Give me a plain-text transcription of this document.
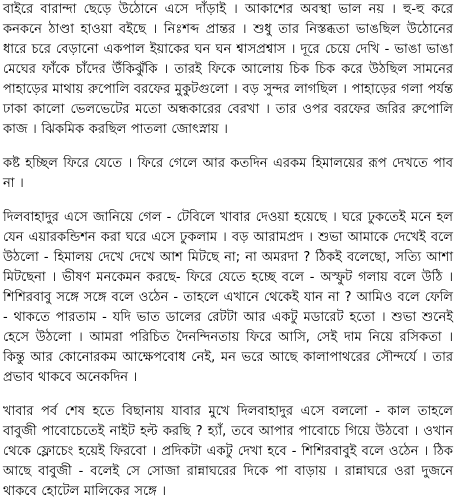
বাইরে বারান্দা ছেড়ে উঠোনে এসে দাঁড়াই । আকাশের অবস্থা ভাল নয় । হু-হু করে কনকনে ঠাণ্ডা হাওয়া বইছে । নিঃশব্দ প্রান্তর । শুধু তার নিস্তব্ধতা ভাঙছিল উঠোনের ধারে চরে বেড়ানো একপাল ইয়াকের ঘন ঘন শ্বাসপ্রশ্বাস । দূরে চেয়ে দেখি - ভাঙা ভাঙা মেঘের ফাঁকে চাঁদের উঁকিঝুঁকি । তারই ফিকে আলোয় চিক চিক করে উঠছিল সামনের পাহাড়ের মাথায় রুপোলি বরফের মুকুটগুলো । বড় সুন্দর লাগছিল । পাহাড়ের গলা পর্যন্ত ঢাকা কালো ভেলভেটের মতো অন্ধকারের বেরখা । তার ওপর বরফের জরির রুপোলি কাজ । ঝিকমিক করছিল পাতলা জোৎস্নায় ।

কষ্ট হচ্ছিল ফিরে যেতে । ফিরে গেলে আর কতদিন এরকম হিমালয়ের রূপ দেখতে পাব না ।

দিলবাহাদুর এসে জানিয়ে গেল - টেবিলে খাবার দেওয়া হয়েছে । ঘরে ঢুকতেই মনে হল যেন এয়ারকন্ডিশন করা ঘরে এসে ঢুকলাম । বড় আরামপ্রদ । শুভা আমাকে দেখেই বলে উঠলো - হিমালয় দেখে দেখে আশ মিটছে না; না অমরদা ? ঠিকই বলেছো, সত্যি আশা মিটছেনা । ভীষণ মনকেমন করছে- ফিরে যেতে হচ্ছে বলে - অস্ফুট গলায় বলে উঠি । শিশিরবাবু সঙ্গে সঙ্গে বলে ওঠেন - তাহলে এখানে থেকেই যান না ? আমিও বলে ফেলি - থাকতে পারতাম - যদি ভাত ডালের রেটটা আর একটু মডারেট হতো । শুভা শুনেই হেসে উঠলো । আমরা পরিচিত দৈনন্দিনতায় ফিরে আসি, সেই দাম নিয়ে রসিকতা । কিন্তু আর কোনোরকম আক্ষেপবোধ নেই, মন ভরে আছে কালাপাথরের সৌন্দর্যে । তার প্রভাব থাকবে অনেকদিন ।

খাবার পর্ব শেষ হতে বিছানায় যাবার মুখে দিলবাহাদুর এসে বললো - কাল তাহলে বাবুজী পাবোচেতেই নাইট হল্ট করছি ? হ্যাঁ, তবে আপার পাবোচে গিয়ে উঠবো । ওখান থেকে ফ্লোচেং হয়েই ফিরবো । প্রদিকটা একটু দেখা হবে - শিশিরবাবুই বলে ওঠেন । ঠিক আছে বাবুজী - বলেই সে সোজা রান্নাঘরের দিকে পা বাড়ায় । রান্নাঘরে ওরা দুজনে থাকবে হোটেল মালিকের সঙ্গে ।
